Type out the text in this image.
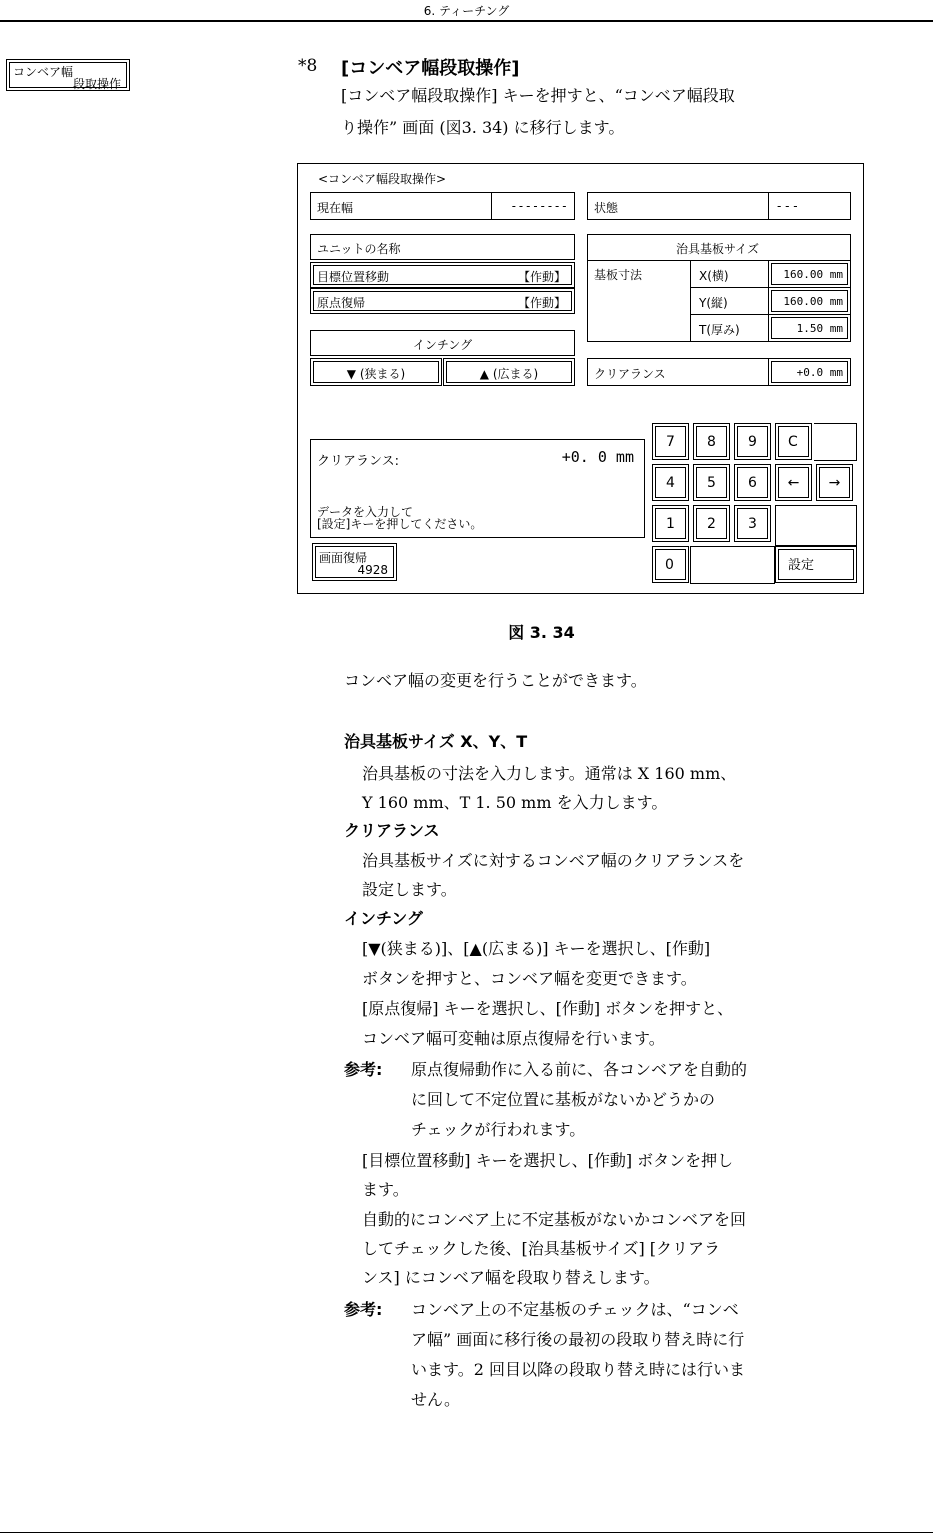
6. ティーチング
コンベア幅
段取操作
*8 [コンベア幅段取操作]
[コンベア幅段取操作] キーを押すと、“コンベア幅段取
り操作” 画面 (図3. 34) に移行します。
<コンベア幅段取操作>
現在幅	-------- 状態	- - -
ユニットの名称
目標位置移動	【作動】
原点復帰	【作動】
インチング
▼ (狭まる)	▲ (広まる)
治具基板サイズ
基板寸法	X(横)	160.00 mm
Y(縦)	160.00 mm
T(厚み)	1.50 mm
クリアランス	+0.0 mm
クリアランス:	+0. 0 mm
データを入力して
[設定]キーを押してください。
画面復帰
4928
7	8	9	C
4	5	6	←	→
1	2	3
0	設定
図 3. 34
コンベア幅の変更を行うことができます。
治具基板サイズ X、Y、T
治具基板の寸法を入力します。通常は X 160 mm、
Y 160 mm、T 1. 50 mm を入力します。
クリアランス
治具基板サイズに対するコンベア幅のクリアランスを
設定します。
インチング
[▼(狭まる)]、[▲(広まる)] キーを選択し、[作動]
ボタンを押すと、コンベア幅を変更できます。
[原点復帰] キーを選択し、[作動] ボタンを押すと、
コンベア幅可変軸は原点復帰を行います。
参考: 原点復帰動作に入る前に、各コンベアを自動的
に回して不定位置に基板がないかどうかの
チェックが行われます。
[目標位置移動] キーを選択し、[作動] ボタンを押し
ます。
自動的にコンベア上に不定基板がないかコンベアを回
してチェックした後、[治具基板サイズ] [クリアラ
ンス] にコンベア幅を段取り替えします。
参考: コンベア上の不定基板のチェックは、“コンベ
ア幅” 画面に移行後の最初の段取り替え時に行
います。2 回目以降の段取り替え時には行いま
せん。
